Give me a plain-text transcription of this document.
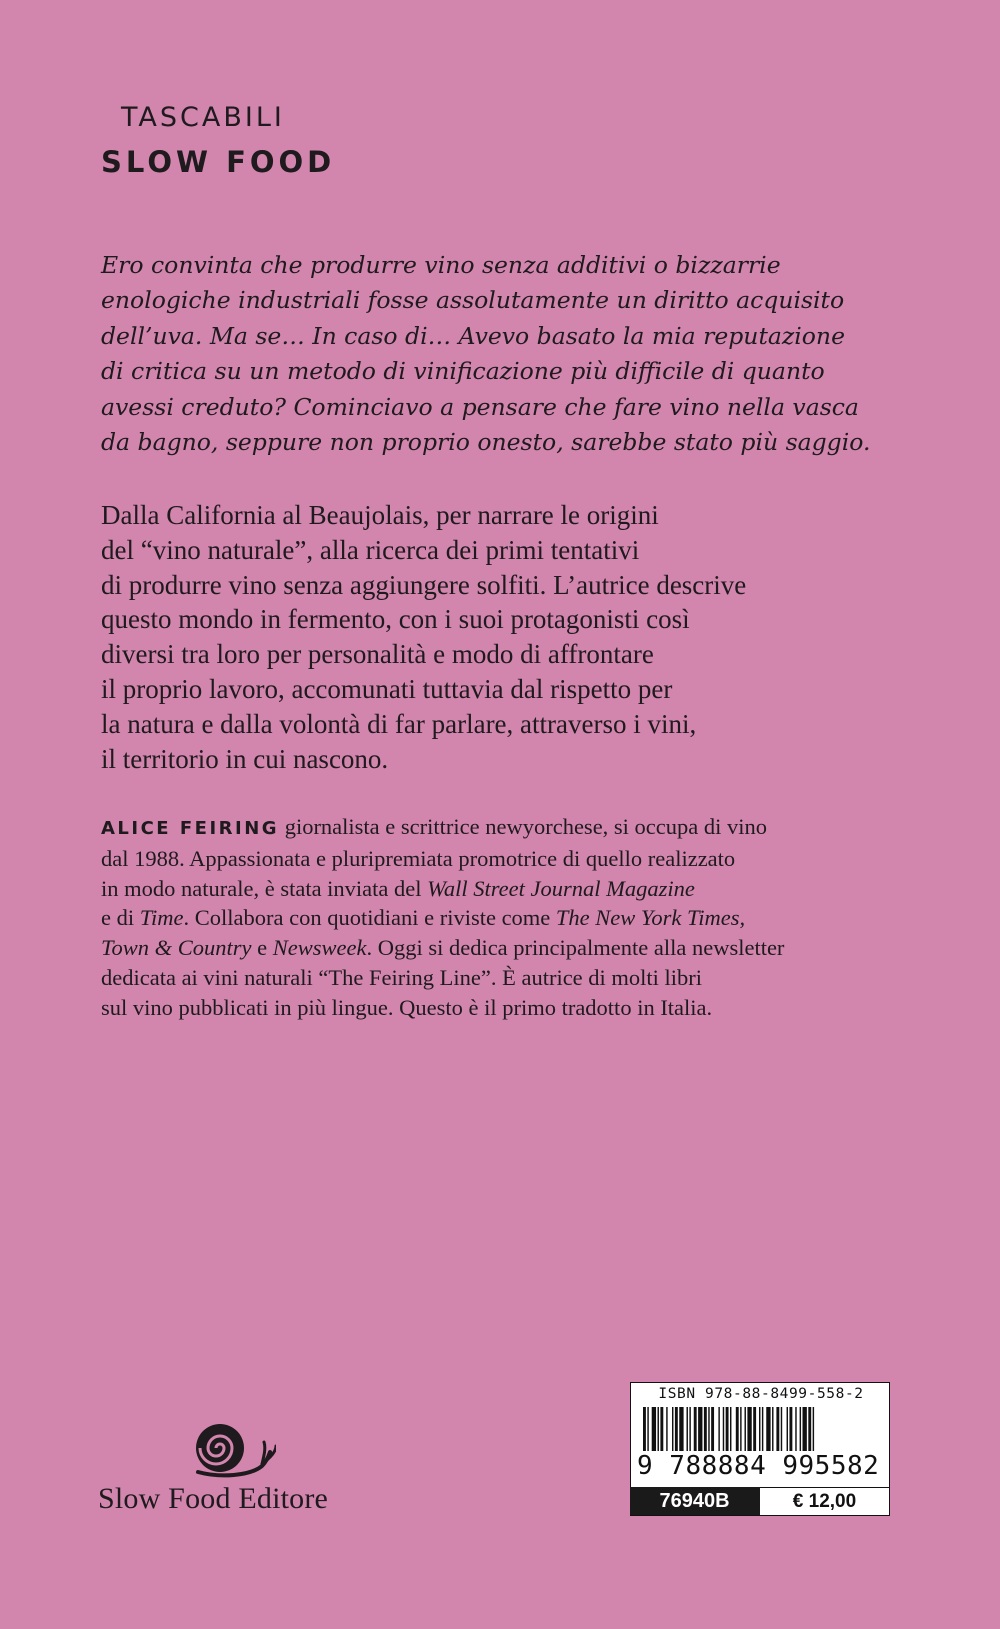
TASCABILI
SLOW FOOD

Ero convinta che produrre vino senza additivi o bizzarrie
enologiche industriali fosse assolutamente un diritto acquisito
dell’uva. Ma se… In caso di… Avevo basato la mia reputazione
di critica su un metodo di vinificazione più difficile di quanto
avessi creduto? Cominciavo a pensare che fare vino nella vasca
da bagno, seppure non proprio onesto, sarebbe stato più saggio.

Dalla California al Beaujolais, per narrare le origini
del “vino naturale”, alla ricerca dei primi tentativi
di produrre vino senza aggiungere solfiti. L’autrice descrive
questo mondo in fermento, con i suoi protagonisti così
diversi tra loro per personalità e modo di affrontare
il proprio lavoro, accomunati tuttavia dal rispetto per
la natura e dalla volontà di far parlare, attraverso i vini,
il territorio in cui nascono.

ALICE FEIRING giornalista e scrittrice newyorchese, si occupa di vino
dal 1988. Appassionata e pluripremiata promotrice di quello realizzato
in modo naturale, è stata inviata del Wall Street Journal Magazine
e di Time. Collabora con quotidiani e riviste come The New York Times,
Town & Country e Newsweek. Oggi si dedica principalmente alla newsletter
dedicata ai vini naturali “The Feiring Line”. È autrice di molti libri
sul vino pubblicati in più lingue. Questo è il primo tradotto in Italia.
Slow Food Editore
ISBN 978-88-8499-558-2
9 788884 995582
76940B	€ 12,00
